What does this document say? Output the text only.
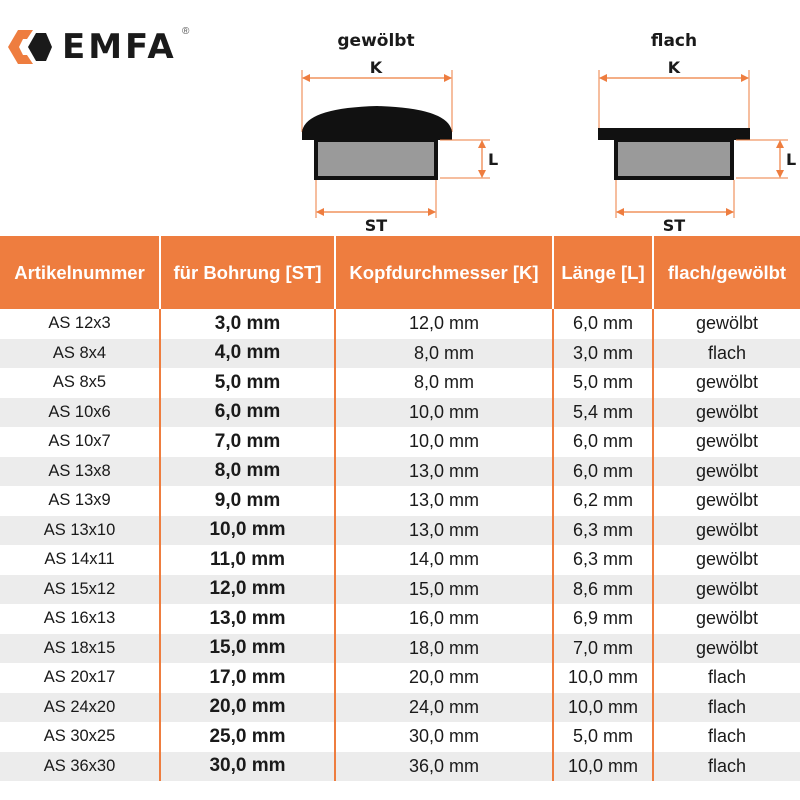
EMFA ®	gewölbt
K
L
ST
flach
K
L
ST
Artikelnummer	für Bohrung [ST]	Kopfdurchmesser [K]	Länge [L]	flach/gewölbt
AS 12x3	3,0 mm	12,0 mm	6,0 mm	gewölbt
AS 8x4	4,0 mm	8,0 mm	3,0 mm	flach
AS 8x5	5,0 mm	8,0 mm	5,0 mm	gewölbt
AS 10x6	6,0 mm	10,0 mm	5,4 mm	gewölbt
AS 10x7	7,0 mm	10,0 mm	6,0 mm	gewölbt
AS 13x8	8,0 mm	13,0 mm	6,0 mm	gewölbt
AS 13x9	9,0 mm	13,0 mm	6,2 mm	gewölbt
AS 13x10	10,0 mm	13,0 mm	6,3 mm	gewölbt
AS 14x11	11,0 mm	14,0 mm	6,3 mm	gewölbt
AS 15x12	12,0 mm	15,0 mm	8,6 mm	gewölbt
AS 16x13	13,0 mm	16,0 mm	6,9 mm	gewölbt
AS 18x15	15,0 mm	18,0 mm	7,0 mm	gewölbt
AS 20x17	17,0 mm	20,0 mm	10,0 mm	flach
AS 24x20	20,0 mm	24,0 mm	10,0 mm	flach
AS 30x25	25,0 mm	30,0 mm	5,0 mm	flach
AS 36x30	30,0 mm	36,0 mm	10,0 mm	flach
